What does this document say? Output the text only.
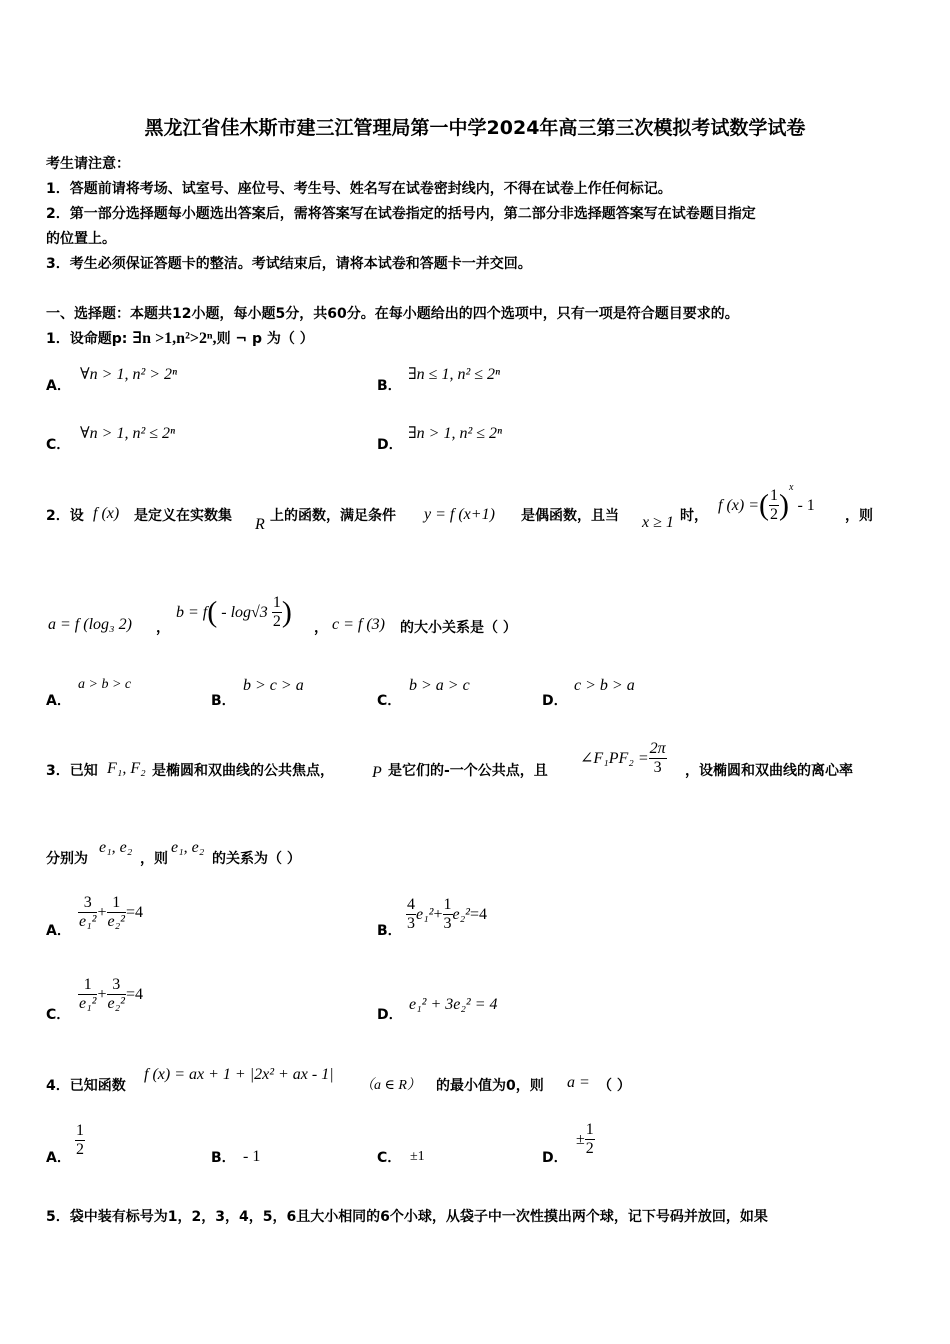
黑龙江省佳木斯市建三江管理局第一中学2024年高三第三次模拟考试数学试卷
考生请注意：
1．答题前请将考场、试室号、座位号、考生号、姓名写在试卷密封线内，不得在试卷上作任何标记。
2．第一部分选择题每小题选出答案后，需将答案写在试卷指定的括号内，第二部分非选择题答案写在试卷题目指定
的位置上。
3．考生必须保证答题卡的整洁。考试结束后，请将本试卷和答题卡一并交回。
一、选择题：本题共12小题，每小题5分，共60分。在每小题给出的四个选项中，只有一项是符合题目要求的。
1．设命题p: ∃n >1,n²>2ⁿ,则 ¬ p 为（ ）
A．
∀n > 1, n² > 2ⁿ
B．
∃n ≤ 1, n² ≤ 2ⁿ
C．
∀n > 1, n² ≤ 2ⁿ
D．
∃n > 1, n² ≤ 2ⁿ
2．设 f (x) 是定义在实数集 R 上的函数，满足条件 y = f (x+1) 是偶函数，且当 x ≥ 1 时，
f (x) =( $\frac{1}{2} )^x - 1$
，则
a = f (log₃ 2) ，
$b = f( - \log√3 \frac{1}{2}$ ) ， c = f (3) 的大小关系是（ ）
A．
a > b > c
B．
b > c > a
C．
b > a > c
D．
c > b > a
3．已知 F₁, F₂ 是椭圆和双曲线的公共焦点， P 是它们的-一个公共点，且
∠F₁PF₂ = $\frac{2\pi}{3}$ ，设椭圆和双曲线的离心率
分别为
e₁, e₂
，则
e₁, e₂
的关系为（ ）
A． $\frac{3}{\text{e₁²}} + \frac{1}{\text{e₂²}} =4$
B． $\frac{4}{3} e_1^2+ \frac{1}{3} e_2^2=4$
C．
$\frac{1}{\text{e₁²}} + \frac{3}{\text{e₂²}} =4$
D．
e₁² + 3e₂² = 4
4．已知函数
f (x) = ax + 1 + |2x² + ax - 1|
（a ∈ R） 的最小值为0，则 a = （ ）
A． $\frac{1}{2}$	B． - 1	C． ±1	D．
± $\frac{1}{2}$
5．袋中装有标号为1，2，3，4，5，6且大小相同的6个小球，从袋子中一次性摸出两个球，记下号码并放回，如果
